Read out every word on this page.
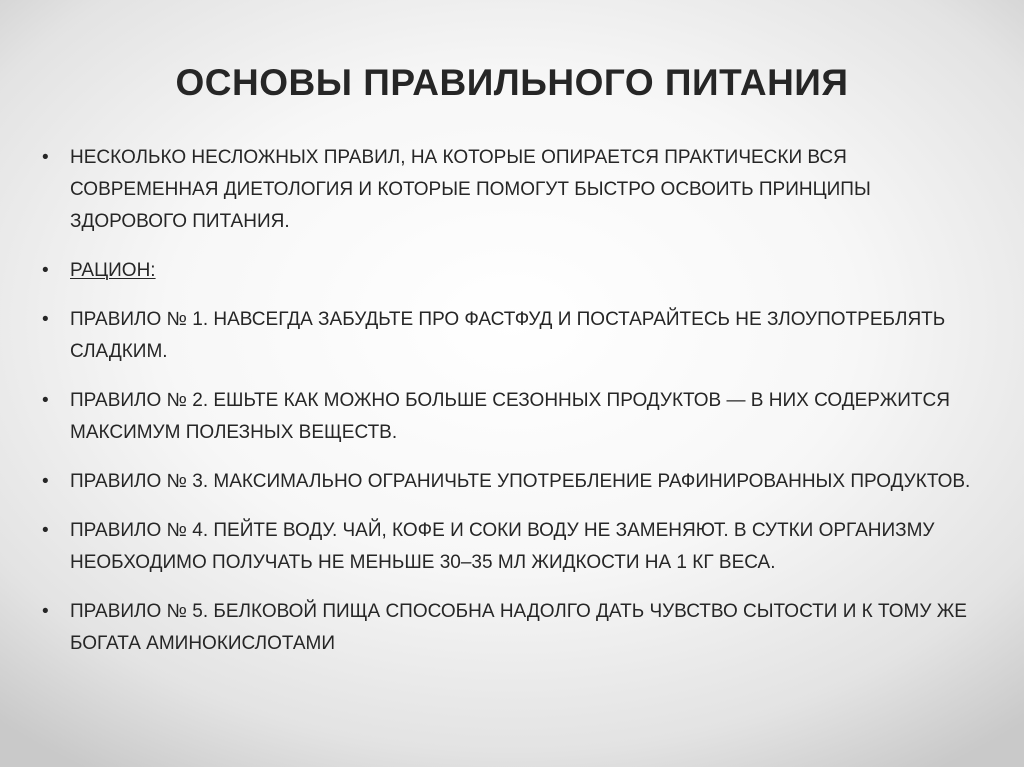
ОСНОВЫ ПРАВИЛЬНОГО ПИТАНИЯ
•	НЕСКОЛЬКО НЕСЛОЖНЫХ ПРАВИЛ, НА КОТОРЫЕ ОПИРАЕТСЯ ПРАКТИЧЕСКИ ВСЯ СОВРЕМЕННАЯ ДИЕТОЛОГИЯ И КОТОРЫЕ ПОМОГУТ БЫСТРО ОСВОИТЬ ПРИНЦИПЫ ЗДОРОВОГО ПИТАНИЯ.
•	РАЦИОН:
•	ПРАВИЛО № 1. НАВСЕГДА ЗАБУДЬТЕ ПРО ФАСТФУД И ПОСТАРАЙТЕСЬ НЕ ЗЛОУПОТРЕБЛЯТЬ СЛАДКИМ.
•	ПРАВИЛО № 2. ЕШЬТЕ КАК МОЖНО БОЛЬШЕ СЕЗОННЫХ ПРОДУКТОВ — В НИХ СОДЕРЖИТСЯ МАКСИМУМ ПОЛЕЗНЫХ ВЕЩЕСТВ.
•	ПРАВИЛО № 3. МАКСИМАЛЬНО ОГРАНИЧЬТЕ УПОТРЕБЛЕНИЕ РАФИНИРОВАННЫХ ПРОДУКТОВ.
•	ПРАВИЛО № 4. ПЕЙТЕ ВОДУ. ЧАЙ, КОФЕ И СОКИ ВОДУ НЕ ЗАМЕНЯЮТ. В СУТКИ ОРГАНИЗМУ НЕОБХОДИМО ПОЛУЧАТЬ НЕ МЕНЬШЕ 30–35 МЛ ЖИДКОСТИ НА 1 КГ ВЕСА.
•	ПРАВИЛО № 5. БЕЛКОВОЙ ПИЩА СПОСОБНА НАДОЛГО ДАТЬ ЧУВСТВО СЫТОСТИ И К ТОМУ ЖЕ БОГАТА АМИНОКИСЛОТАМИ
